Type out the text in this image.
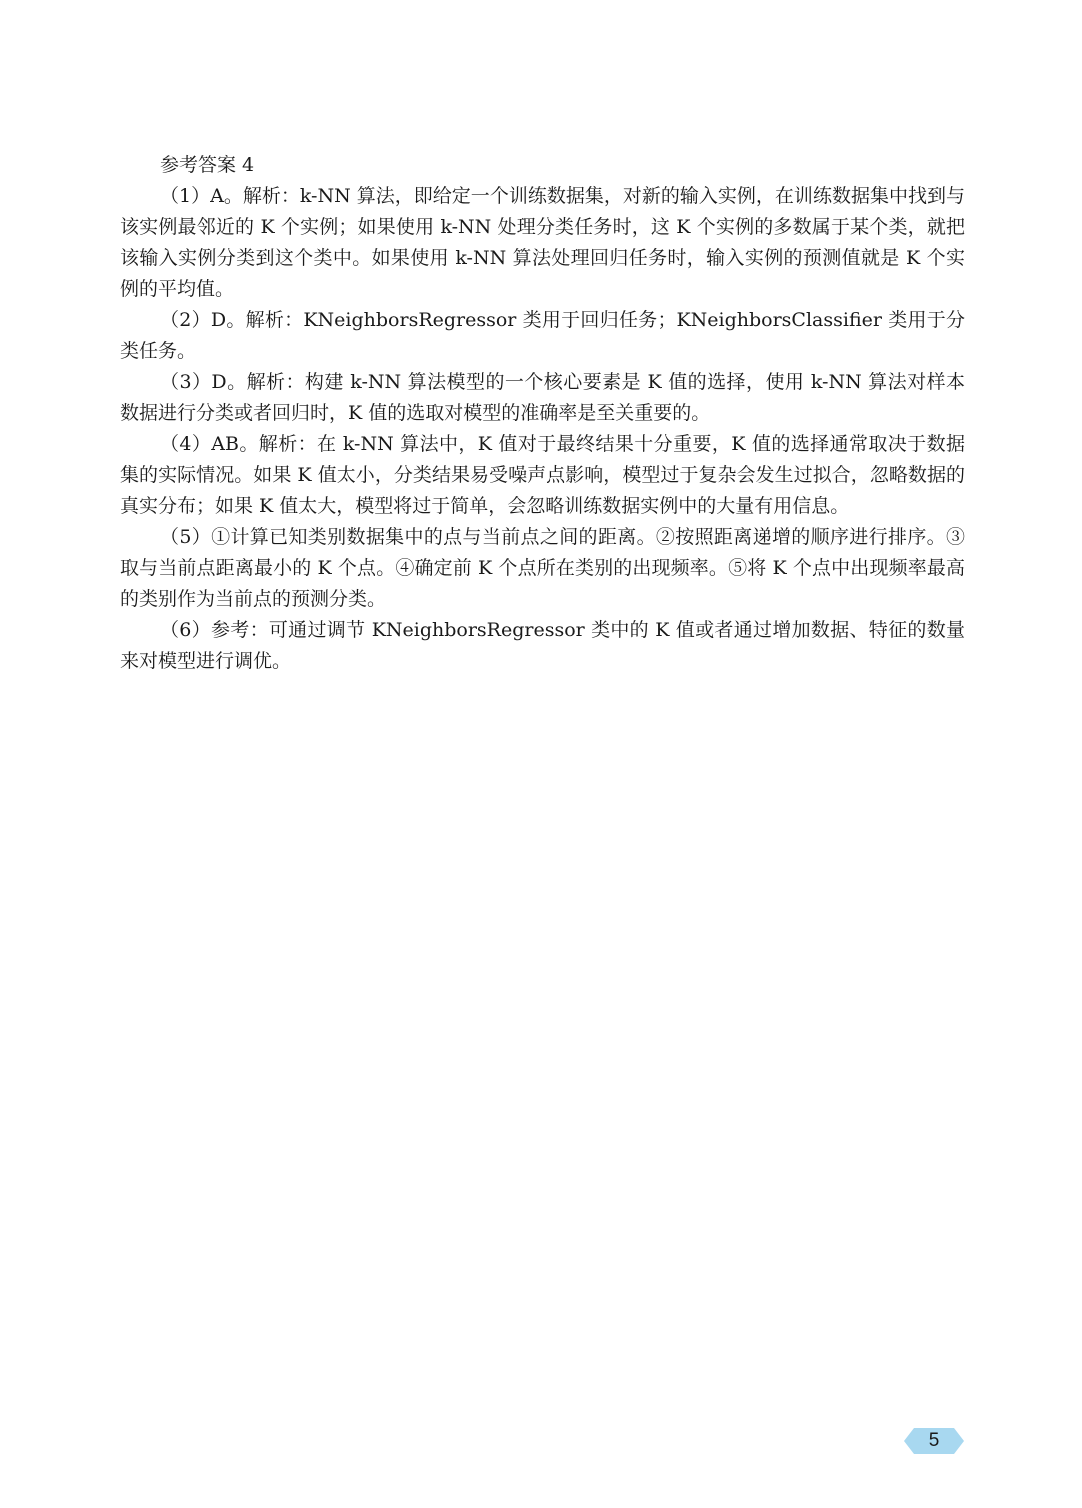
参考答案 4

（1）A。解析：k-NN 算法，即给定一个训练数据集，对新的输入实例，在训练数据集中找到与该实例最邻近的 K 个实例；如果使用 k-NN 处理分类任务时，这 K 个实例的多数属于某个类，就把该输入实例分类到这个类中。如果使用 k-NN 算法处理回归任务时，输入实例的预测值就是 K 个实例的平均值。

（2）D。解析：KNeighborsRegressor 类用于回归任务；KNeighborsClassifier 类用于分类任务。

（3）D。解析：构建 k-NN 算法模型的一个核心要素是 K 值的选择，使用 k-NN 算法对样本数据进行分类或者回归时，K 值的选取对模型的准确率是至关重要的。

（4）AB。解析：在 k-NN 算法中，K 值对于最终结果十分重要，K 值的选择通常取决于数据集的实际情况。如果 K 值太小，分类结果易受噪声点影响，模型过于复杂会发生过拟合，忽略数据的真实分布；如果 K 值太大，模型将过于简单，会忽略训练数据实例中的大量有用信息。

（5）①计算已知类别数据集中的点与当前点之间的距离。②按照距离递增的顺序进行排序。③取与当前点距离最小的 K 个点。④确定前 K 个点所在类别的出现频率。⑤将 K 个点中出现频率最高的类别作为当前点的预测分类。

（6）参考：可通过调节 KNeighborsRegressor 类中的 K 值或者通过增加数据、特征的数量来对模型进行调优。

5
